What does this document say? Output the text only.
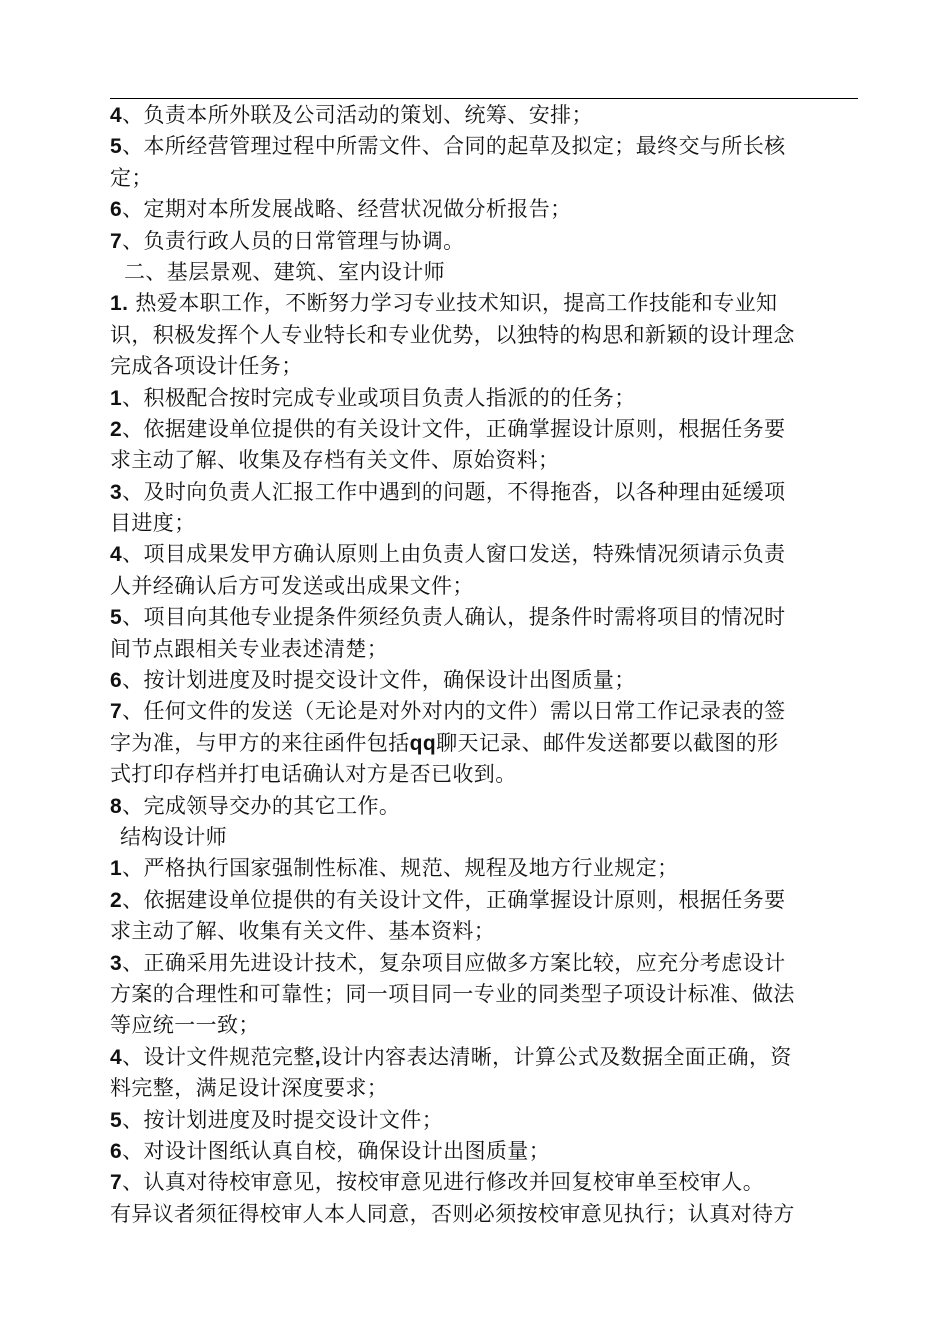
4、负责本所外联及公司活动的策划、统筹、安排；
5、本所经营管理过程中所需文件、合同的起草及拟定；最终交与所长核
定；
6、定期对本所发展战略、经营状况做分析报告；
7、负责行政人员的日常管理与协调。
二、基层景观、建筑、室内设计师
1. 热爱本职工作，不断努力学习专业技术知识，提高工作技能和专业知
识，积极发挥个人专业特长和专业优势，以独特的构思和新颖的设计理念
完成各项设计任务；
1、积极配合按时完成专业或项目负责人指派的的任务；
2、依据建设单位提供的有关设计文件，正确掌握设计原则，根据任务要
求主动了解、收集及存档有关文件、原始资料；
3、及时向负责人汇报工作中遇到的问题，不得拖沓，以各种理由延缓项
目进度；
4、项目成果发甲方确认原则上由负责人窗口发送，特殊情况须请示负责
人并经确认后方可发送或出成果文件；
5、项目向其他专业提条件须经负责人确认，提条件时需将项目的情况时
间节点跟相关专业表述清楚；
6、按计划进度及时提交设计文件，确保设计出图质量；
7、任何文件的发送（无论是对外对内的文件）需以日常工作记录表的签
字为准，与甲方的来往函件包括qq聊天记录、邮件发送都要以截图的形
式打印存档并打电话确认对方是否已收到。
8、完成领导交办的其它工作。
结构设计师
1、严格执行国家强制性标准、规范、规程及地方行业规定；
2、依据建设单位提供的有关设计文件，正确掌握设计原则，根据任务要
求主动了解、收集有关文件、基本资料；
3、正确采用先进设计技术，复杂项目应做多方案比较，应充分考虑设计
方案的合理性和可靠性；同一项目同一专业的同类型子项设计标准、做法
等应统一一致；
4、设计文件规范完整,设计内容表达清晰，计算公式及数据全面正确，资
料完整，满足设计深度要求；
5、按计划进度及时提交设计文件；
6、对设计图纸认真自校，确保设计出图质量；
7、认真对待校审意见，按校审意见进行修改并回复校审单至校审人。
有异议者须征得校审人本人同意，否则必须按校审意见执行；认真对待方
